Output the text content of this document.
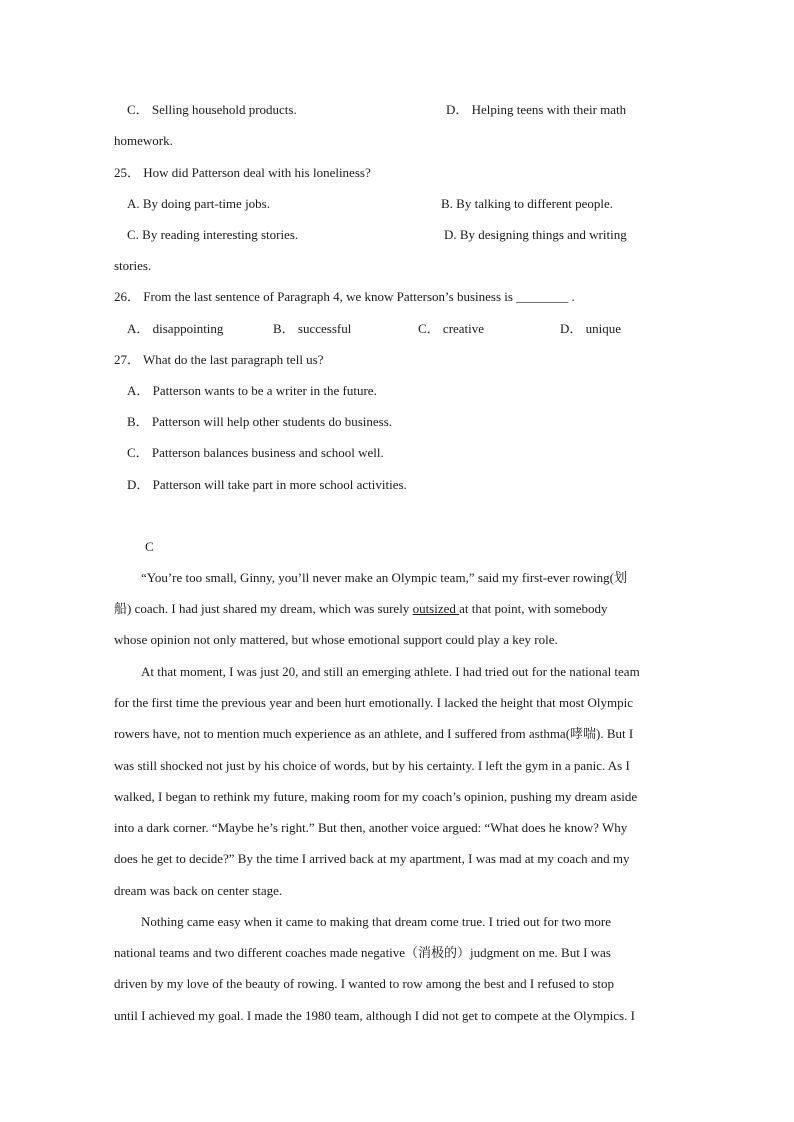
C． Selling household products.	D． Helping teens with their math
homework.
25． How did Patterson deal with his loneliness?
A. By doing part-time jobs.	B. By talking to different people.
C. By reading interesting stories.	D. By designing things and writing
stories.
26． From the last sentence of Paragraph 4, we know Patterson’s business is ________ .
A． disappointing	B． successful	C． creative	D． unique
27． What do the last paragraph tell us?
A． Patterson wants to be a writer in the future.
B． Patterson will help other students do business.
C． Patterson balances business and school well.
D． Patterson will take part in more school activities.
C
“You’re too small, Ginny, you’ll never make an Olympic team,” said my first-ever rowing(划
船) coach. I had just shared my dream, which was surely outsized at that point, with somebody
whose opinion not only mattered, but whose emotional support could play a key role.
At that moment, I was just 20, and still an emerging athlete. I had tried out for the national team
for the first time the previous year and been hurt emotionally. I lacked the height that most Olympic
rowers have, not to mention much experience as an athlete, and I suffered from asthma(哮喘). But I
was still shocked not just by his choice of words, but by his certainty. I left the gym in a panic. As I
walked, I began to rethink my future, making room for my coach’s opinion, pushing my dream aside
into a dark corner. “Maybe he’s right.” But then, another voice argued: “What does he know? Why
does he get to decide?” By the time I arrived back at my apartment, I was mad at my coach and my
dream was back on center stage.
Nothing came easy when it came to making that dream come true. I tried out for two more
national teams and two different coaches made negative（消极的）judgment on me. But I was
driven by my love of the beauty of rowing. I wanted to row among the best and I refused to stop
until I achieved my goal. I made the 1980 team, although I did not get to compete at the Olympics. I
